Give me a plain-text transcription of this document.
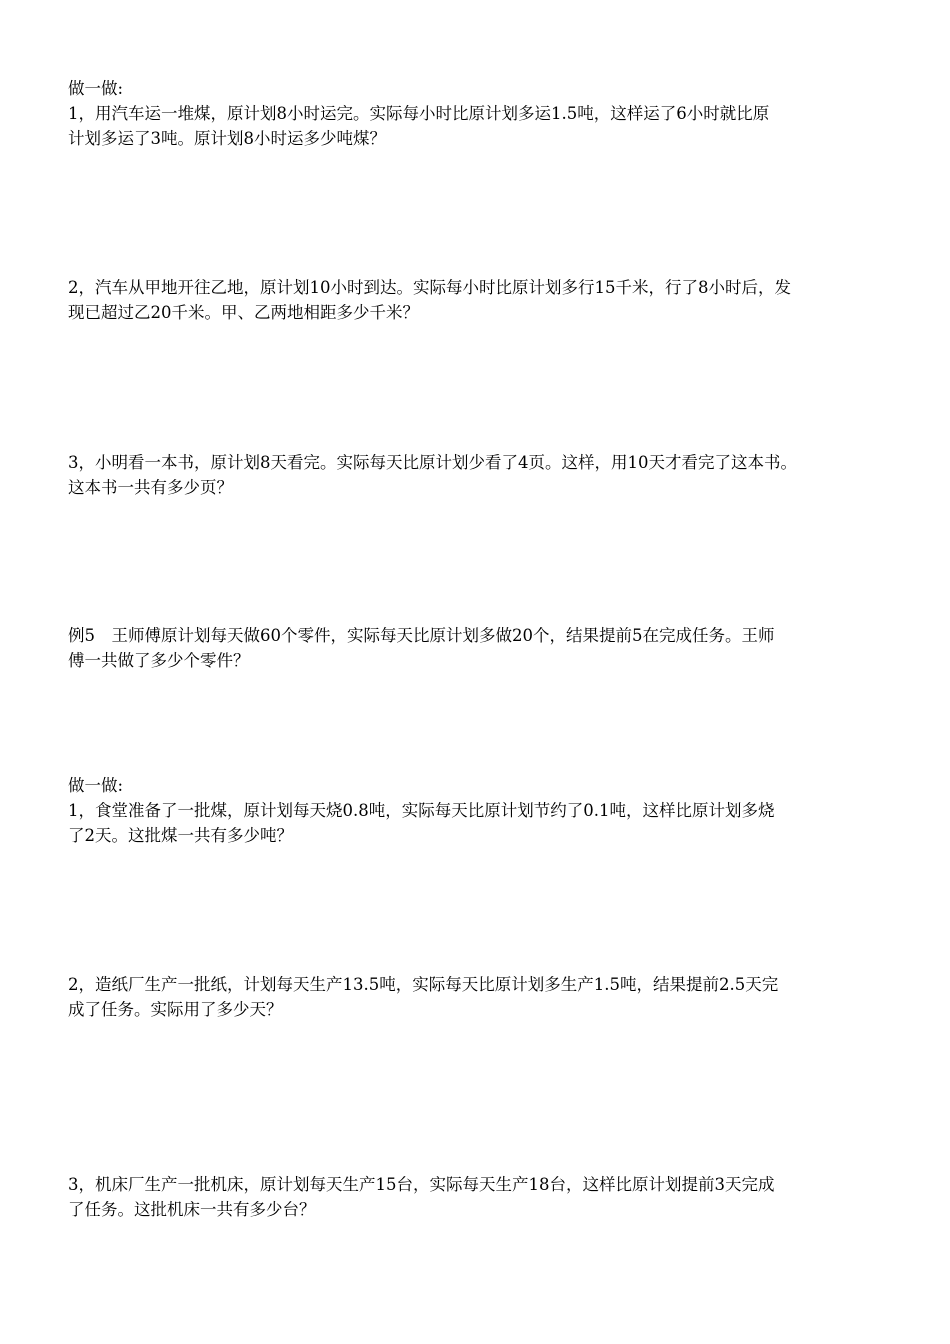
做一做:
1，用汽车运一堆煤，原计划8小时运完。实际每小时比原计划多运1.5吨，这样运了6小时就比原
计划多运了3吨。原计划8小时运多少吨煤？
2，汽车从甲地开往乙地，原计划10小时到达。实际每小时比原计划多行15千米，行了8小时后，发
现已超过乙20千米。甲、乙两地相距多少千米？
3，小明看一本书，原计划8天看完。实际每天比原计划少看了4页。这样，用10天才看完了这本书。
这本书一共有多少页？
例5　王师傅原计划每天做60个零件，实际每天比原计划多做20个，结果提前5在完成任务。王师
傅一共做了多少个零件？
做一做:
1，食堂准备了一批煤，原计划每天烧0.8吨，实际每天比原计划节约了0.1吨，这样比原计划多烧
了2天。这批煤一共有多少吨？
2，造纸厂生产一批纸，计划每天生产13.5吨，实际每天比原计划多生产1.5吨，结果提前2.5天完
成了任务。实际用了多少天？
3，机床厂生产一批机床，原计划每天生产15台，实际每天生产18台，这样比原计划提前3天完成
了任务。这批机床一共有多少台？
